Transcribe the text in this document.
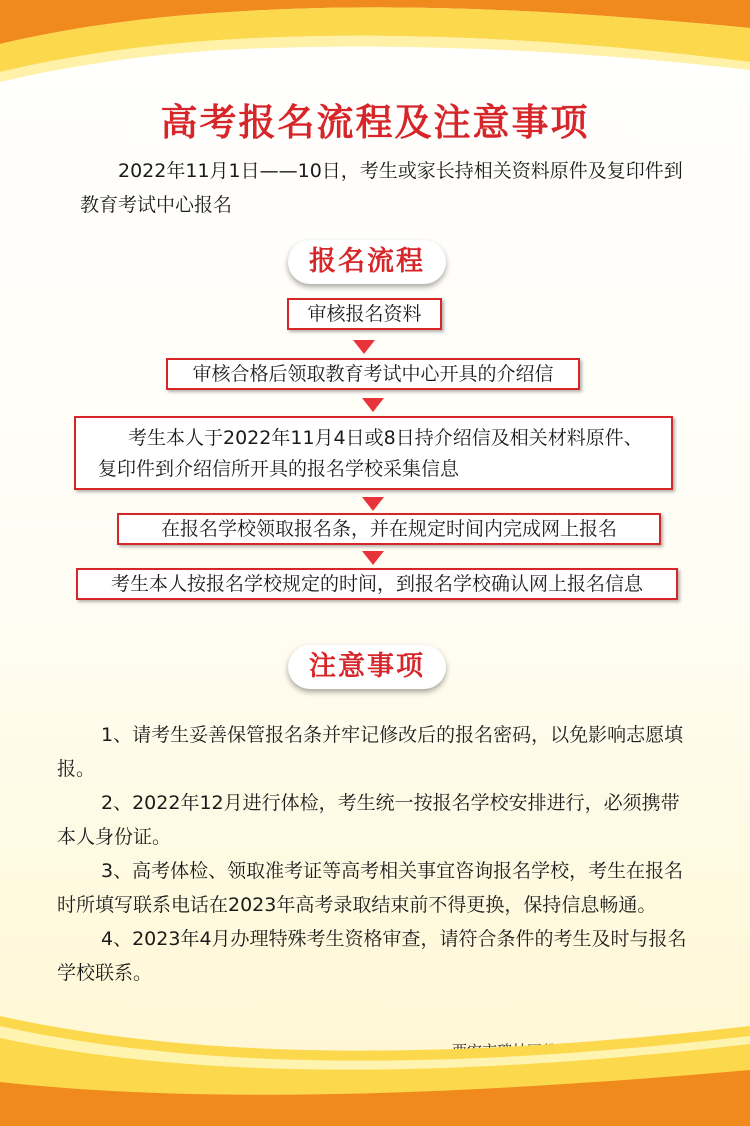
高考报名流程及注意事项
2022年11月1日——10日，考生或家长持相关资料原件及复印件到教育考试中心报名
报名流程
审核报名资料
审核合格后领取教育考试中心开具的介绍信
考生本人于2022年11月4日或8日持介绍信及相关材料原件、复印件到介绍信所开具的报名学校采集信息
在报名学校领取报名条，并在规定时间内完成网上报名
考生本人按报名学校规定的时间，到报名学校确认网上报名信息
注意事项

1、请考生妥善保管报名条并牢记修改后的报名密码，以免影响志愿填报。

2、2022年12月进行体检，考生统一按报名学校安排进行，必须携带本人身份证。

3、高考体检、领取准考证等高考相关事宜咨询报名学校，考生在报名时所填写联系电话在2023年高考录取结束前不得更换，保持信息畅通。

4、2023年4月办理特殊考生资格审查，请符合条件的考生及时与报名学校联系。
